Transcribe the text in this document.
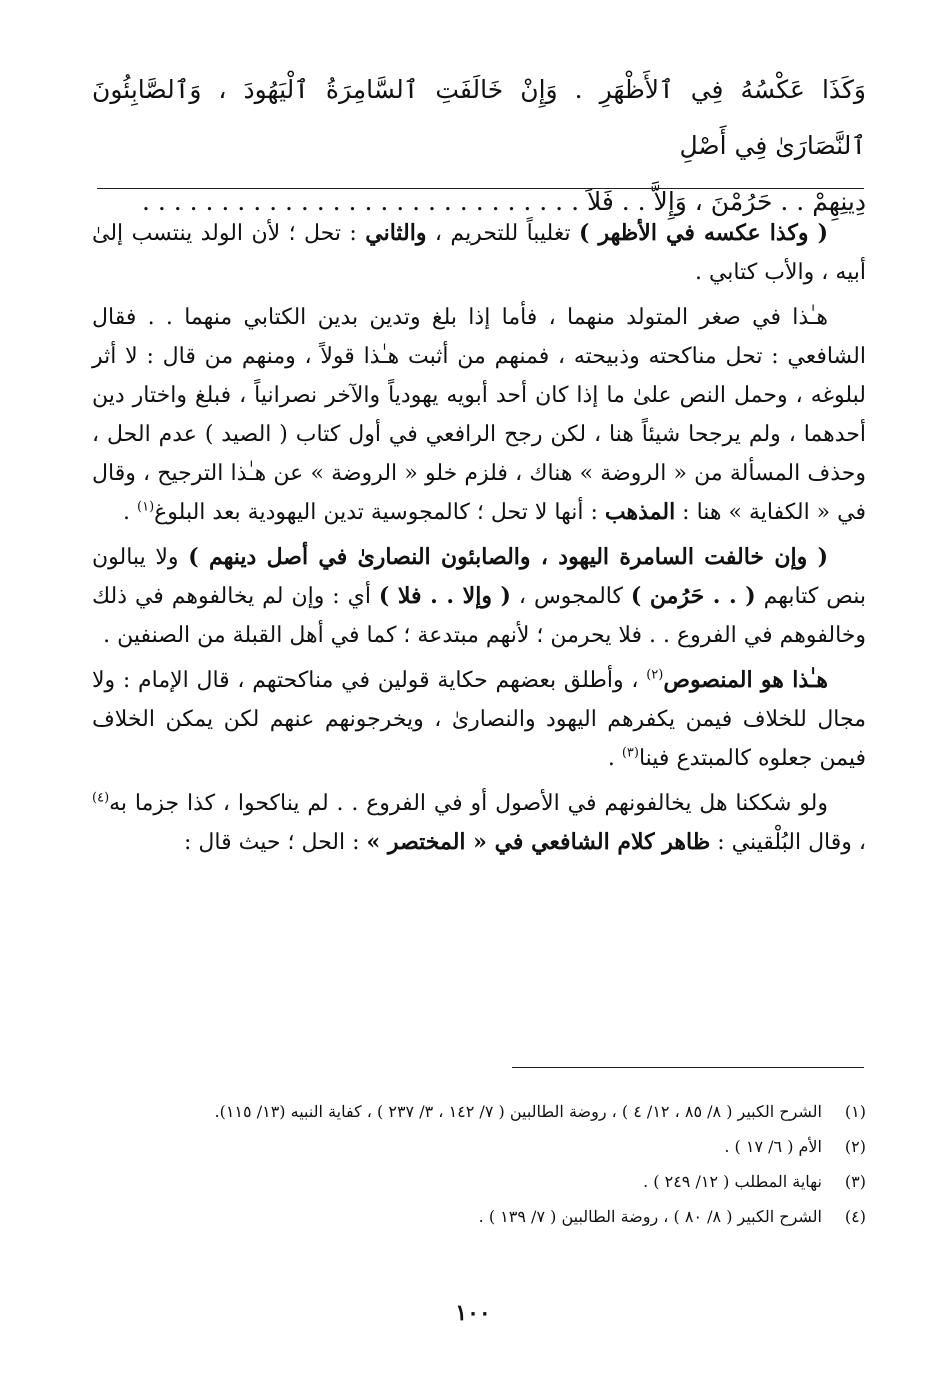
وَكَذَا عَكْسُهُ فِي ٱلأَظْهَرِ . وَإِنْ خَالَفَتِ ٱلسَّامِرَةُ ٱلْيَهُودَ ، وَٱلصَّابِئُونَ ٱلنَّصَارَىٰ فِي أَصْلِ

دِينِهِمْ . . حَرُمْنَ ، وَإِلاَّ . . فَلاَ . . . . . . . . . . . . . . . . . . . . . . . . . . . .

( وكذا عكسه في الأظهر ) تغليباً للتحريم ، والثاني : تحل ؛ لأن الولد ينتسب إلىٰ أبيه ، والأب كتابي .

هـٰذا في صغر المتولد منهما ، فأما إذا بلغ وتدين بدين الكتابي منهما . . فقال الشافعي : تحل مناكحته وذبيحته ، فمنهم من أثبت هـٰذا قولاً ، ومنهم من قال : لا أثر لبلوغه ، وحمل النص علىٰ ما إذا كان أحد أبويه يهودياً والآخر نصرانياً ، فبلغ واختار دين أحدهما ، ولم يرجحا شيئاً هنا ، لكن رجح الرافعي في أول كتاب ( الصيد ) عدم الحل ، وحذف المسألة من « الروضة » هناك ، فلزم خلو « الروضة » عن هـٰذا الترجيح ، وقال في « الكفاية » هنا : المذهب : أنها لا تحل ؛ كالمجوسية تدين اليهودية بعد البلوغ$^{(١)}$ .

( وإن خالفت السامرة اليهود ، والصابئون النصارىٰ في أصل دينهم ) ولا يبالون بنص كتابهم ( . . حَرُمن ) كالمجوس ، ( وإلا . . فلا ) أي : وإن لم يخالفوهم في ذلك وخالفوهم في الفروع . . فلا يحرمن ؛ لأنهم مبتدعة ؛ كما في أهل القبلة من الصنفين .

هـٰذا هو المنصوص$^{(٢)}$ ، وأطلق بعضهم حكاية قولين في مناكحتهم ، قال الإمام : ولا مجال للخلاف فيمن يكفرهم اليهود والنصارىٰ ، ويخرجونهم عنهم لكن يمكن الخلاف فيمن جعلوه كالمبتدع فينا$^{(٣)}$ .

ولو شككنا هل يخالفونهم في الأصول أو في الفروع . . لم يناكحوا ، كذا جزما به$^{(٤)}$ ، وقال البُلْقيني : ظاهر كلام الشافعي في « المختصر » : الحل ؛ حيث قال :

(١)
الشرح الكبير ( ٨/ ٨٥ ، ١٢/ ٤ ) ، روضة الطالبين ( ٧/ ١٤٢ ، ٣/ ٢٣٧ ) ، كفاية النبيه (١٣/ ١١٥).
(٢)
الأم ( ٦/ ١٧ ) .
(٣)
نهاية المطلب ( ١٢/ ٢٤٩ ) .
(٤)
الشرح الكبير ( ٨/ ٨٠ ) ، روضة الطالبين ( ٧/ ١٣٩ ) .
١٠٠
